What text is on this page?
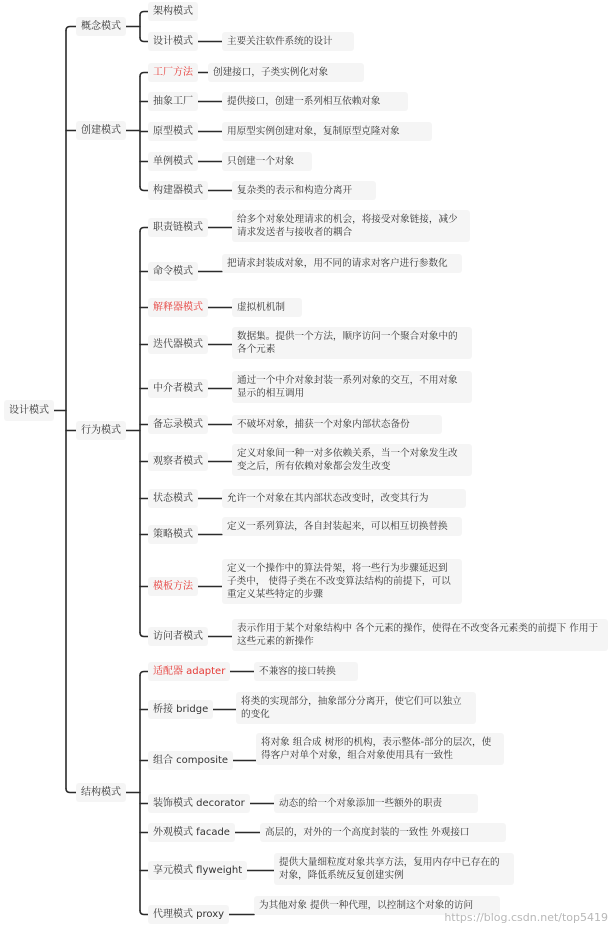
设计模式
概念模式
创建模式
行为模式
结构模式
架构模式
设计模式	主要关注软件系统的设计
工厂方法	创建接口，子类实例化对象
抽象工厂	提供接口，创建一系列相互依赖对象
原型模式	用原型实例创建对象，复制原型克隆对象
单例模式	只创建一个对象
构建器模式	复杂类的表示和构造分离开
职责链模式
给多个对象处理请求的机会，将接受对象链接，减少请求发送者与接收者的耦合
命令模式
把请求封装成对象，用不同的请求对客户进行参数化
解释器模式	虚拟机机制
迭代器模式
数据集。提供一个方法，顺序访问一个聚合对象中的各个元素
中介者模式
通过一个中介对象封装一系列对象的交互，不用对象显示的相互调用
备忘录模式	不破坏对象，捕获一个对象内部状态备份
观察者模式
定义对象间一种一对多依赖关系，当一个对象发生改变之后，所有依赖对象都会发生改变
状态模式	允许一个对象在其内部状态改变时，改变其行为
策略模式
定义一系列算法，各自封装起来，可以相互切换替换
模板方法
定义一个操作中的算法骨架，将一些行为步骤延迟到 子类中， 使得子类在不改变算法结构的前提下，可以重定义某些特定的步骤
访问者模式
表示作用于某个对象结构中 各个元素的操作，使得在不改变各元素类的前提下 作用于这些元素的新操作
适配器 adapter	不兼容的接口转换
桥接 bridge
将类的实现部分，抽象部分分离开，使它们可以独立的变化
组合 composite
将对象 组合成 树形的机构，表示整体-部分的层次，使得客户对单个对象，组合对象使用具有一致性
装饰模式 decorator	动态的给一个对象添加一些额外的职责
外观模式 facade	高层的，对外的一个高度封装的一致性 外观接口
享元模式 flyweight
提供大量细粒度对象共享方法，复用内存中已存在的对象，降低系统反复创建实例
代理模式 proxy
为其他对象 提供一种代理，以控制这个对象的访问
https://blog.csdn.net/top5419
